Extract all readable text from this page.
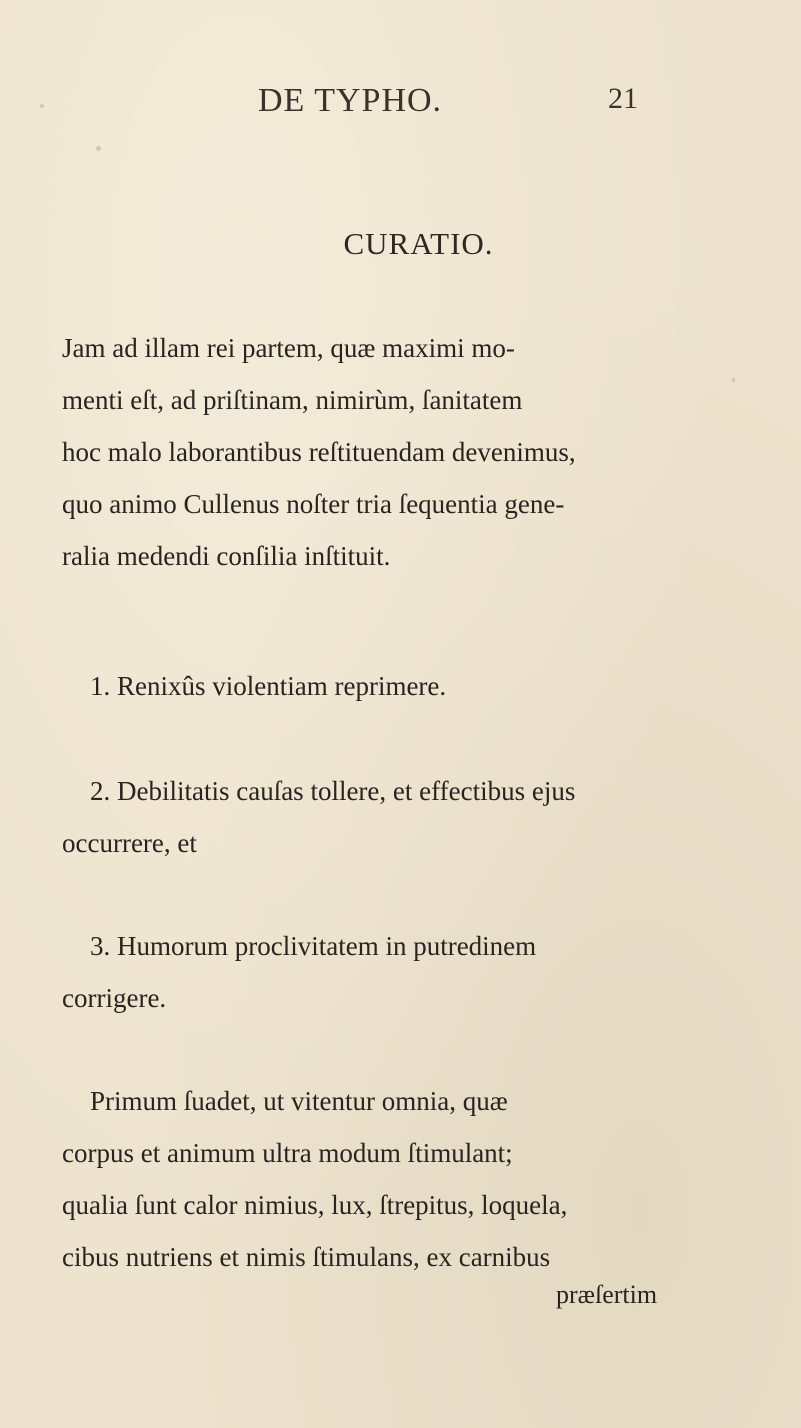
DE TYPHO.	21
CURATIO.
Jam ad illam rei partem, quæ maximi mo-
menti eſt, ad priſtinam, nimirùm, ſanitatem
hoc malo laborantibus reſtituendam devenimus,
quo animo Cullenus noſter tria ſequentia gene-
ralia medendi conſilia inſtituit.
1. Renixûs violentiam reprimere.
2. Debilitatis cauſas tollere, et effectibus ejus
occurrere, et
3. Humorum proclivitatem in putredinem
corrigere.
Primum ſuadet, ut vitentur omnia, quæ
corpus et animum ultra modum ſtimulant;
qualia ſunt calor nimius, lux, ſtrepitus, loquela,
cibus nutriens et nimis ſtimulans, ex carnibus
præſertim
